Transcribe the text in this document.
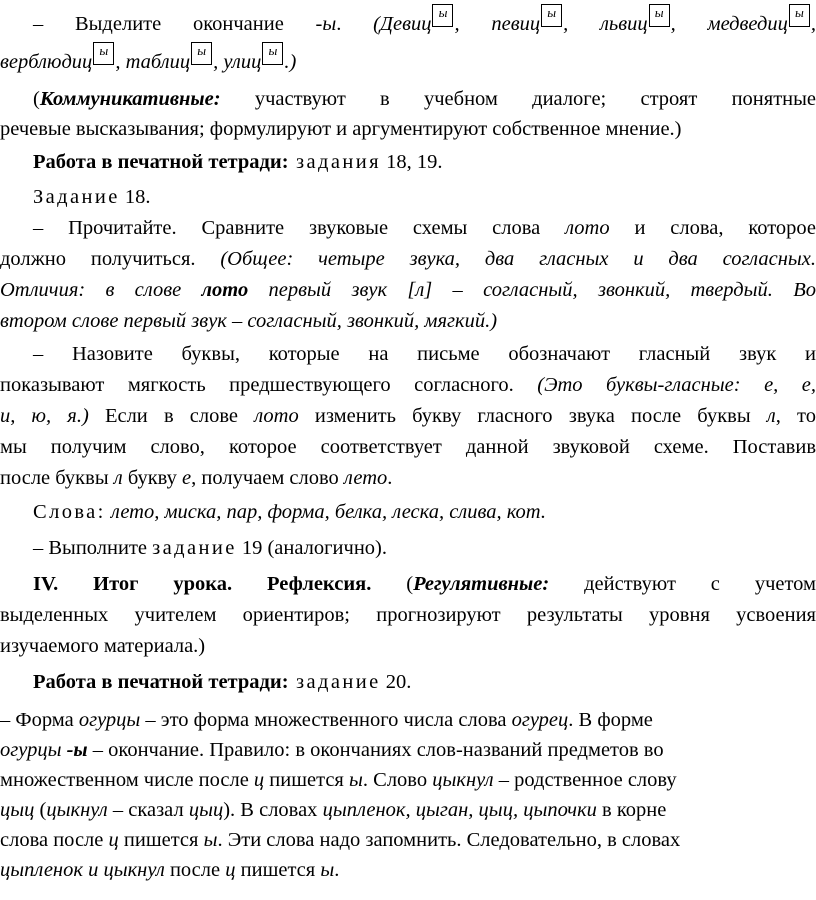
– Выделите окончание -ы. (Девиц
ы
, певиц
ы
, львиц
ы
, медведиц
ы
,
верблюдиц
ы
, таблиц
ы
, улиц
ы
.)
(Коммуникативные: участвуют в учебном диалоге; строят понятные
речевые высказывания; формулируют и аргументируют собственное мнение.)
Работа в печатной тетради: задания 18, 19.
Задание 18.
– Прочитайте. Сравните звуковые схемы слова лото и слова, которое
должно получиться. (Общее: четыре звука, два гласных и два согласных.
Отличия: в слове лото первый звук [л] – согласный, звонкий, твердый. Во
втором слове первый звук – согласный, звонкий, мягкий.)
– Назовите буквы, которые на письме обозначают гласный звук и
показывают мягкость предшествующего согласного. (Это буквы-гласные: е, е,
и, ю, я.) Если в слове лото изменить букву гласного звука после буквы л, то
мы получим слово, которое соответствует данной звуковой схеме. Поставив
после буквы л букву е, получаем слово лето.
Слова: лето, миска, пар, форма, белка, леска, слива, кот.
– Выполните задание 19 (аналогично).
IV. Итог урока. Рефлексия. (Регулятивные: действуют с учетом
выделенных учителем ориентиров; прогнозируют результаты уровня усвоения
изучаемого материала.)
Работа в печатной тетради: задание 20.
– Форма огурцы – это форма множественного числа слова огурец. В форме
огурцы -ы – окончание. Правило: в окончаниях слов-названий предметов во
множественном числе после ц пишется ы. Слово цыкнул – родственное слову
цыц (цыкнул – сказал цыц). В словах цыпленок, цыган, цыц, цыпочки в корне
слова после ц пишется ы. Эти слова надо запомнить. Следовательно, в словах
цыпленок и цыкнул после ц пишется ы.
